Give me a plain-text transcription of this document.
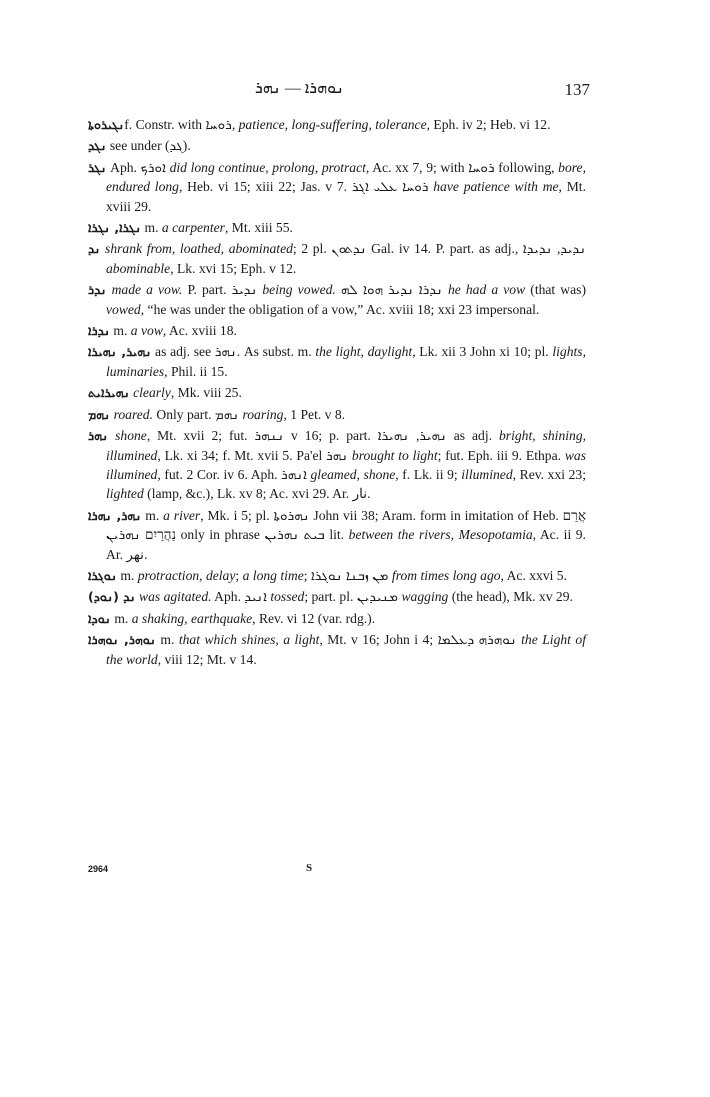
ܢܘܗܪܐ — ܢܗܪ	137
ܢܓܝܪܘܬܐf. Constr. with ܪܘܚܐ, patience, long-suffering, tolerance, Eph. iv 2; Heb. vi 12.
ܢܓܕ see under (ܓܕ).
ܢܓܪ Aph. ܐܘܪܟ did long continue, prolong, protract, Ac. xx 7, 9; with ܪܘܚܐ following, bore, endured long, Heb. vi 15; xiii 22; Jas. v 7. ܪܘܚܐ ܥܠܝ ܐܓܪ have patience with me, Mt. xviii 29.
ܢܓܪܐ, ܢܓܪܐ m. a carpenter, Mt. xiii 55.
ܢܕ shrank from, loathed, abominated; 2 pl. ܢܕܬܘܢ Gal. iv 14. P. part. as adj., ܢܕܝܕ, ܢܕܝܕܐ abominable, Lk. xvi 15; Eph. v 12.
ܢܕܪ made a vow. P. part. ܢܕܝܪ being vowed. ܢܕܪܐ ܢܕܝܪ ܗܘܐ ܠܗ he had a vow (that was) vowed, “he was under the obligation of a vow,” Ac. xviii 18; xxi 23 impersonal.
ܢܕܪܐ m. a vow, Ac. xviii 18.
ܢܗܝܪ, ܢܗܝܪܐ as adj. see ܢܗܪ. As subst. m. the light, daylight, Lk. xii 3 John xi 10; pl. lights, luminaries, Phil. ii 15.
ܢܗܝܪܐܝܬ clearly, Mk. viii 25.
ܢܗܡ roared. Only part. ܢܗܡ roaring, 1 Pet. v 8.
ܢܗܪ shone, Mt. xvii 2; fut. ܢܢܗܪ v 16; p. part. ܢܗܝܪ, ܢܗܝܪܐ as adj. bright, shining, illumined, Lk. xi 34; f. Mt. xvii 5. Pa'el ܢܗܪ brought to light; fut. Eph. iii 9. Ethpa. was illumined, fut. 2 Cor. iv 6. Aph. ܐܢܗܪ gleamed, shone, f. Lk. ii 9; illumined, Rev. xxi 23; lighted (lamp, &c.), Lk. xv 8; Ac. xvi 29. Ar. نار.
ܢܗܪ, ܢܗܪܐ m. a river, Mk. i 5; pl. ܢܗܪܘܬܐ John vii 38; Aram. form in imitation of Heb. אֲרַם נַהֲרַיִם ܢܗܪܝܢ only in phrase ܒܝܬ ܢܗܪܝܢ lit. between the rivers, Mesopotamia, Ac. ii 9. Ar. نهر.
ܢܘܓܪܐ m. protraction, delay; a long time; ܡܢ ܙܒܢܐ ܢܘܓܪܐ from times long ago, Ac. xxvi 5.
(ܢܘܕ) ܢܕ was agitated. Aph. ܐܢܝܕ tossed; part. pl. ܡܢܝܕܝܢ wagging (the head), Mk. xv 29.
ܢܘܕܐ m. a shaking, earthquake, Rev. vi 12 (var. rdg.).
ܢܘܗܪ, ܢܘܗܪܐ m. that which shines, a light, Mt. v 16; John i 4; ܢܘܗܪܗ ܕܥܠܡܐ the Light of the world, viii 12; Mt. v 14.
2964	S
